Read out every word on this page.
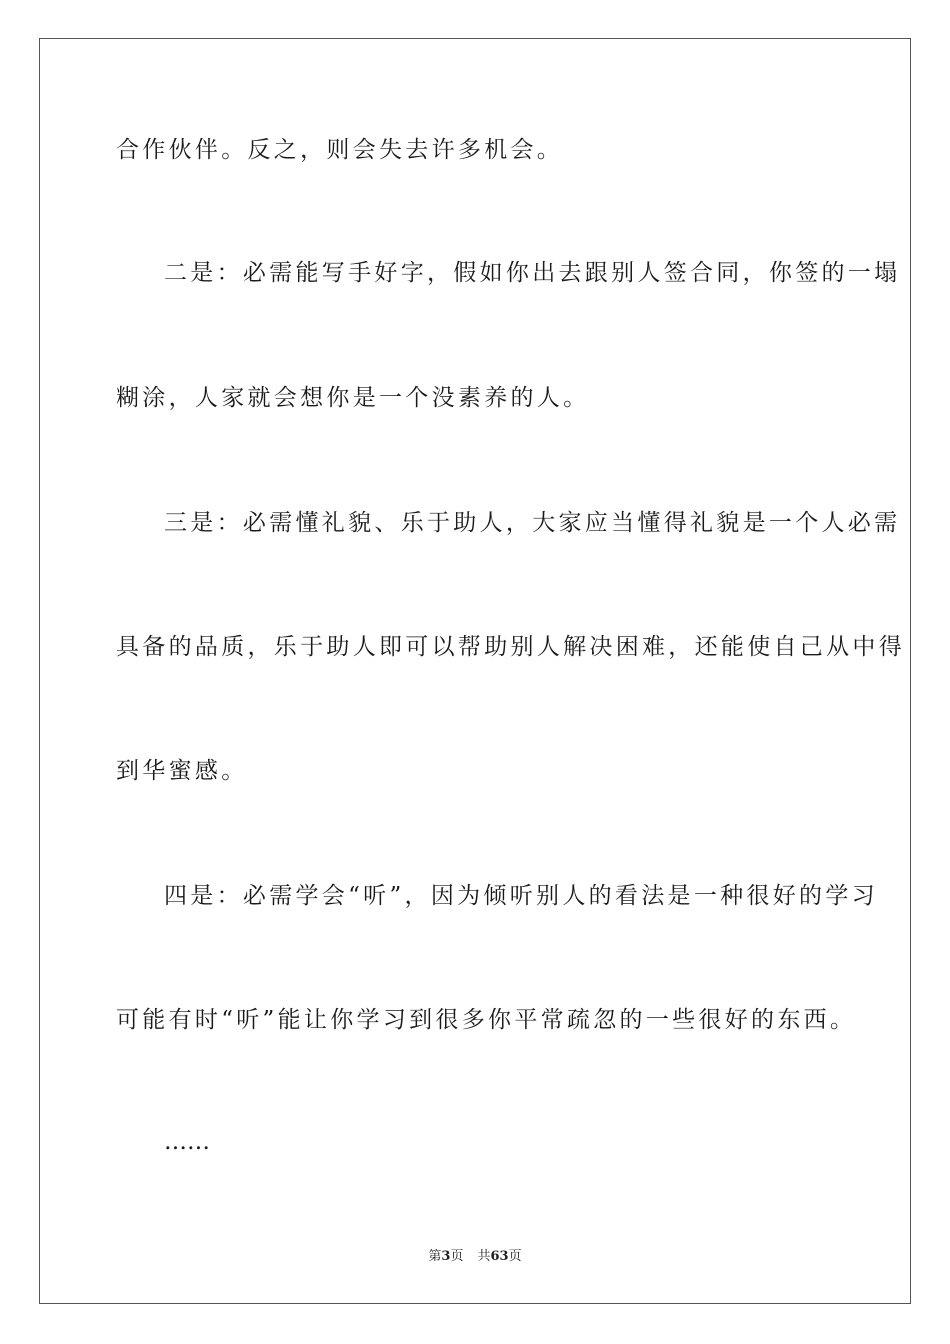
合作伙伴。反之，则会失去许多机会。
二是：必需能写手好字，假如你出去跟别人签合同，你签的一塌
糊涂，人家就会想你是一个没素养的人。
三是：必需懂礼貌、乐于助人，大家应当懂得礼貌是一个人必需
具备的品质，乐于助人即可以帮助别人解决困难，还能使自己从中得
到华蜜感。
四是：必需学会“听”，因为倾听别人的看法是一种很好的学习
可能有时“听”能让你学习到很多你平常疏忽的一些很好的东西。
……
第3页 共63页
